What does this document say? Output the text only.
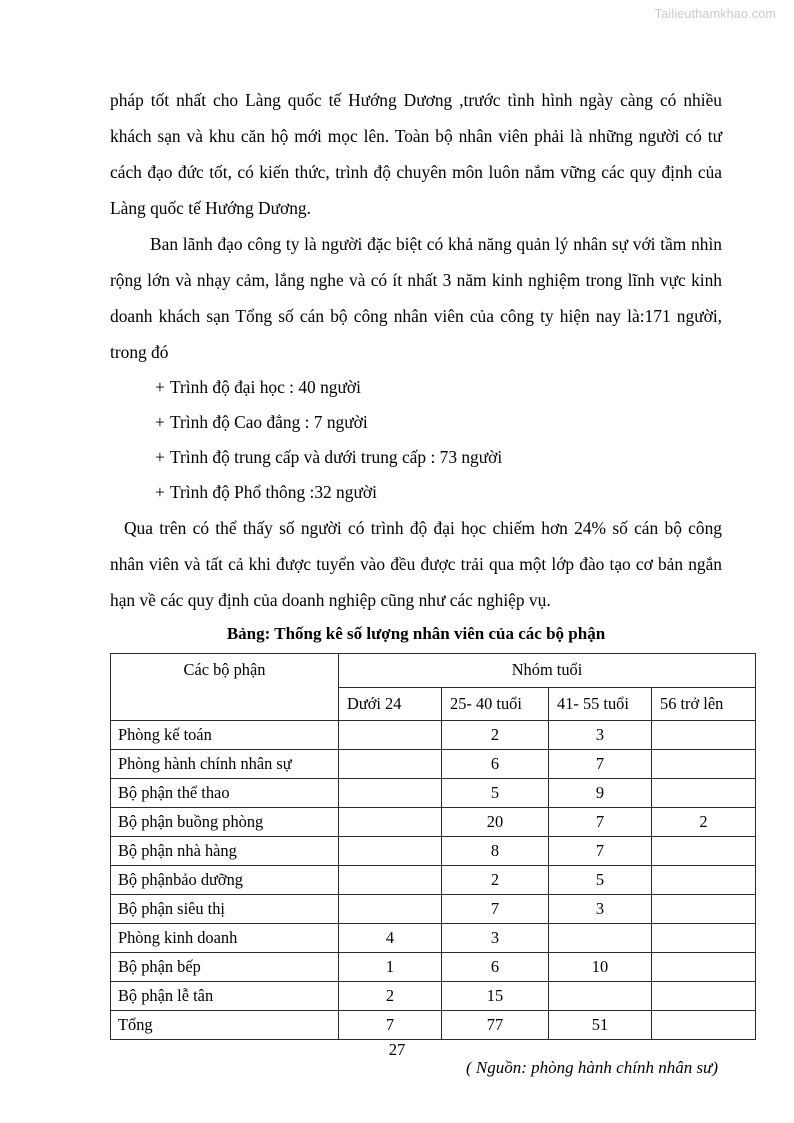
Tailieuthamkhao.com

pháp tốt nhất cho Làng quốc tế Hướng Dương ,trước tình hình ngày càng có nhiều khách sạn và khu căn hộ mới mọc lên. Toàn bộ nhân viên phải là những người có tư cách đạo đức tốt, có kiến thức, trình độ chuyên môn luôn nắm vững các quy định của Làng quốc tế Hướng Dương.

Ban lãnh đạo công ty là người đặc biệt có khả năng quản lý nhân sự với tầm nhìn rộng lớn và nhạy cảm, lắng nghe và có ít nhất 3 năm kinh nghiệm trong lĩnh vực kinh doanh khách sạn Tổng số cán bộ công nhân viên của công ty hiện nay là:171 người, trong đó

+ Trình độ đại học : 40 người
+ Trình độ Cao đẳng : 7 người
+ Trình độ trung cấp và dưới trung cấp : 73 người
+ Trình độ Phổ thông :32 người

Qua trên có thể thấy số người có trình độ đại học chiếm hơn 24% số cán bộ công nhân viên và tất cả khi được tuyển vào đều được trải qua một lớp đào tạo cơ bản ngắn hạn về các quy định của doanh nghiệp cũng như các nghiệp vụ.

Bảng: Thống kê số lượng nhân viên của các bộ phận
Các bộ phận	Nhóm tuổi			
	Dưới 24	25- 40 tuổi	41- 55 tuổi	56 trở lên
Phòng kế toán		2	3	
Phòng hành chính nhân sự		6	7	
Bộ phận thể thao		5	9	
Bộ phận buồng phòng		20	7	2
Bộ phận nhà hàng		8	7	
Bộ phậnbảo dưỡng		2	5	
Bộ phận siêu thị		7	3	
Phòng kinh doanh	4	3		
Bộ phận bếp	1	6	10	
Bộ phận lễ tân	2	15		
Tổng	7	77	51	
( Nguồn: phòng hành chính nhân sư)
27
